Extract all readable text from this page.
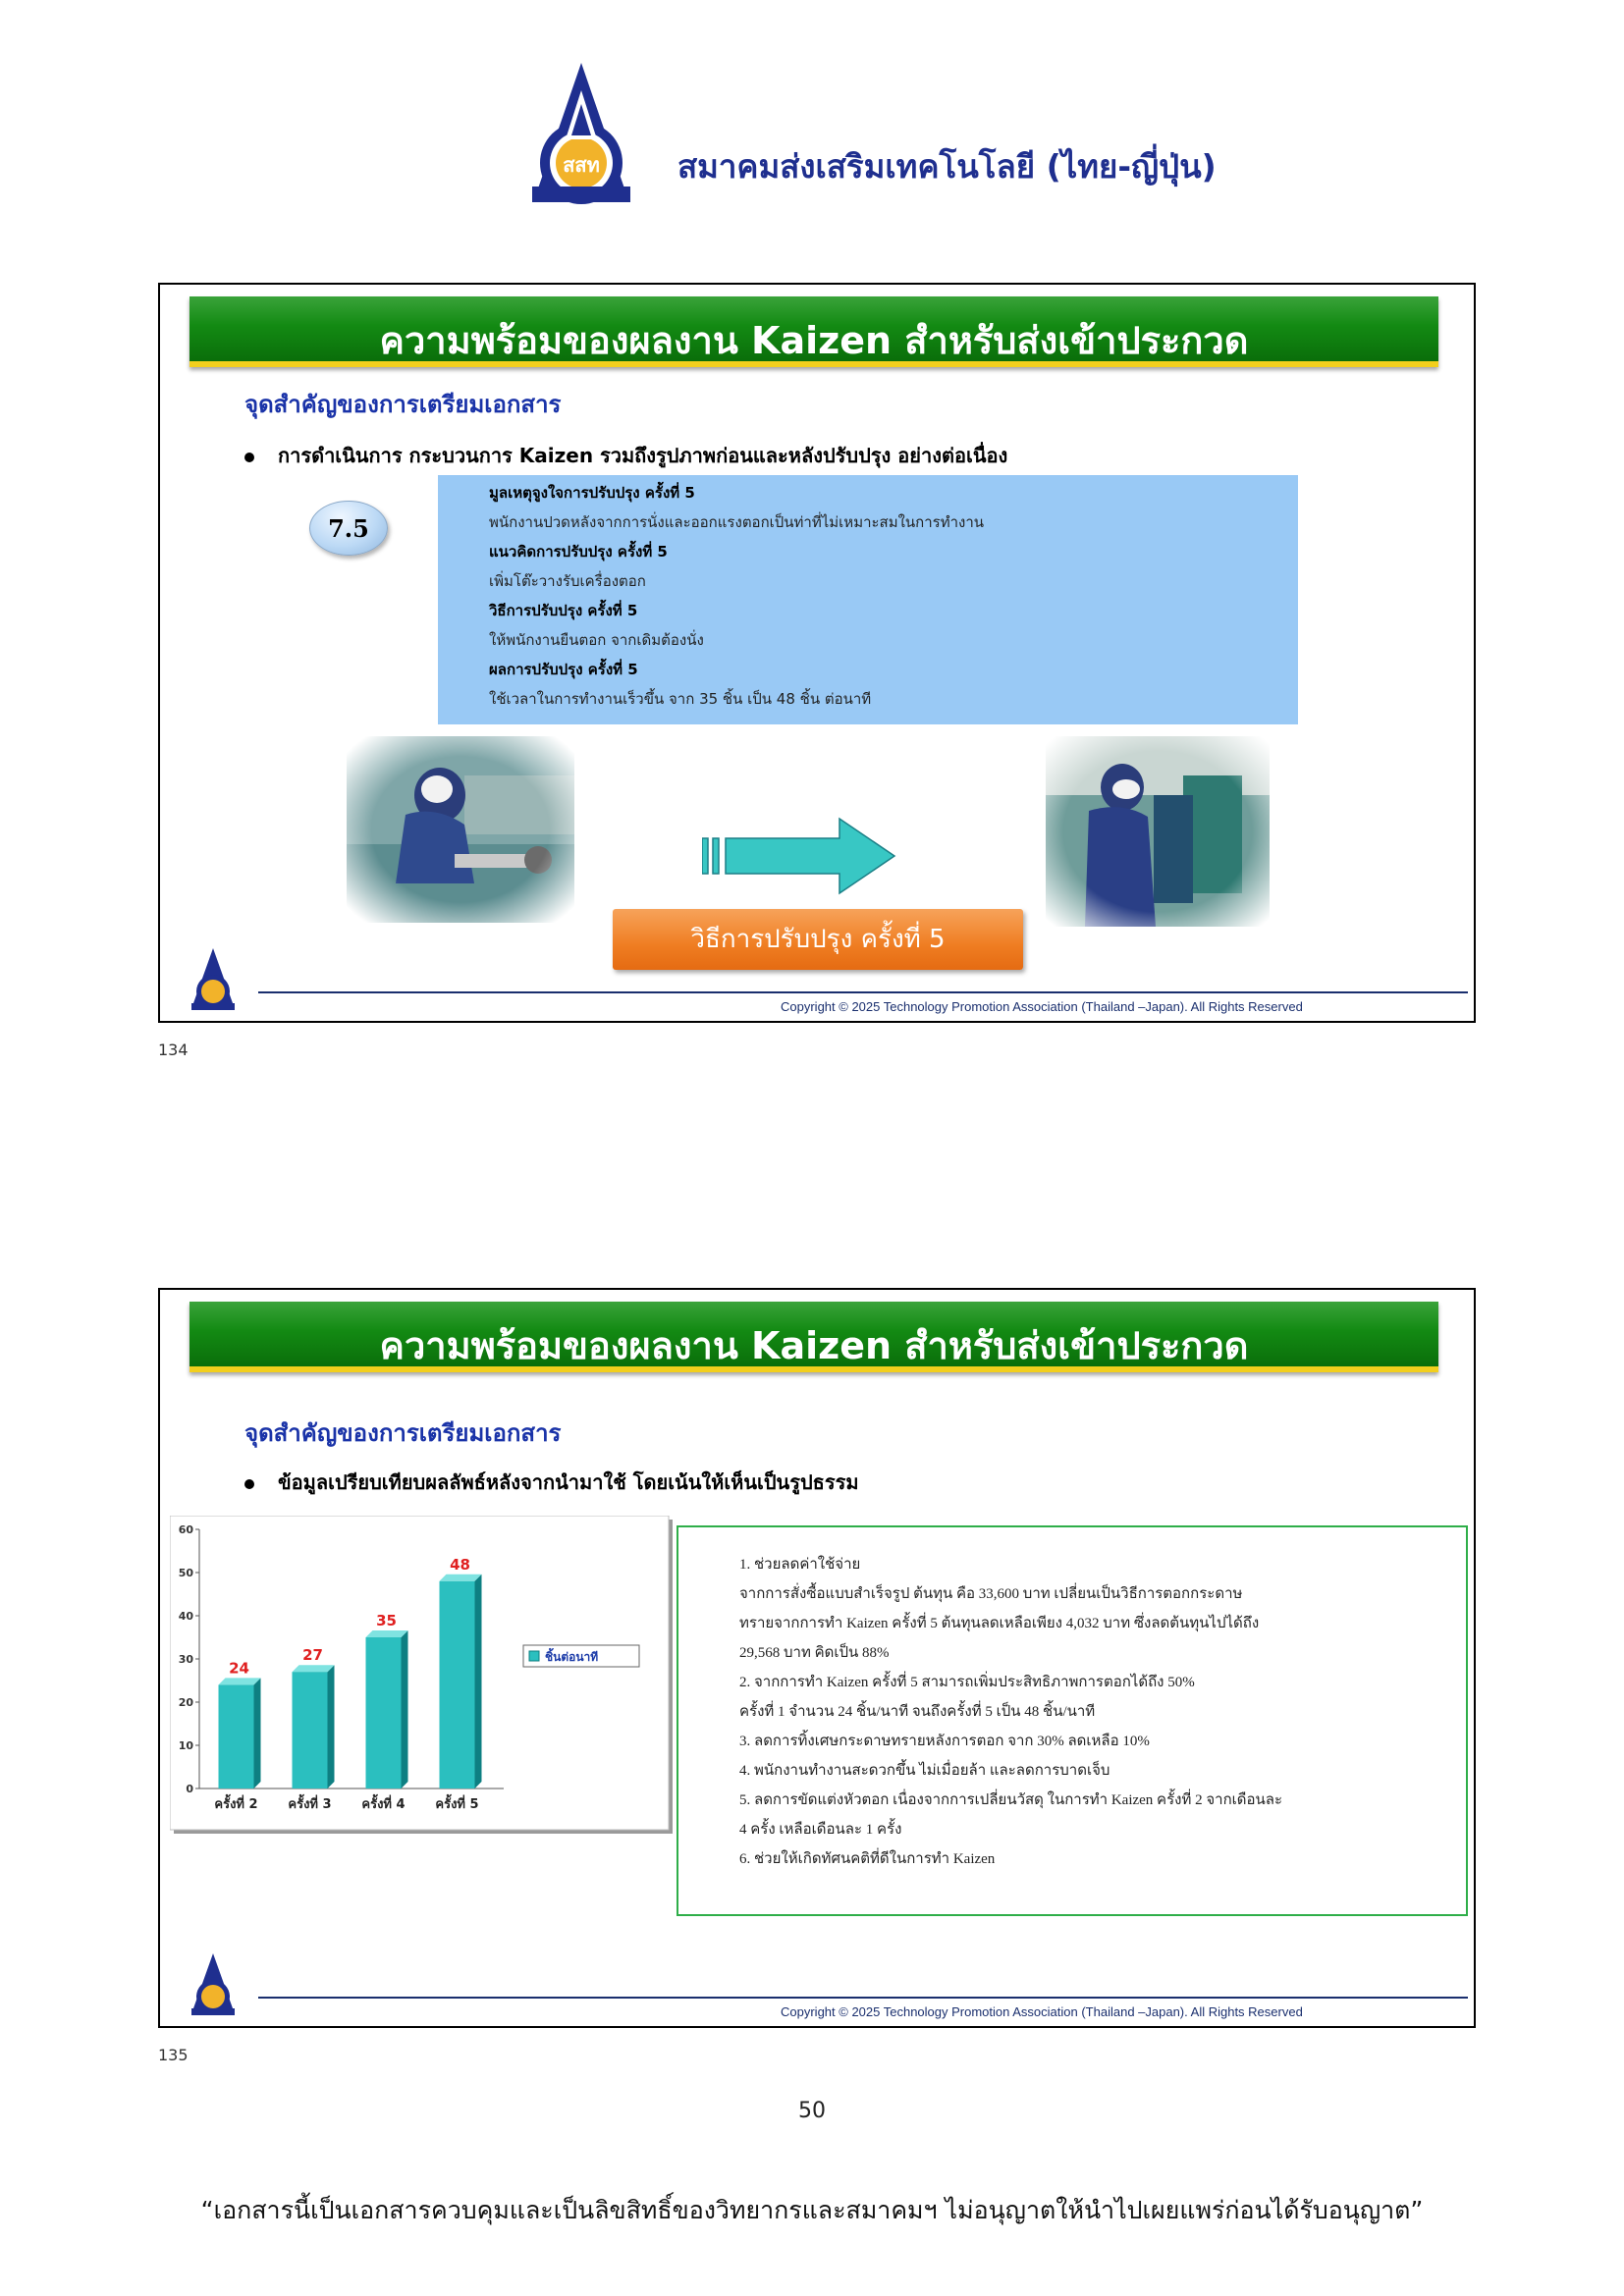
สสท สมาคมส่งเสริมเทคโนโลยี (ไทย-ญี่ปุ่น)
ความพร้อมของผลงาน Kaizen สำหรับส่งเข้าประกวด
จุดสำคัญของการเตรียมเอกสาร
การดำเนินการ กระบวนการ Kaizen รวมถึงรูปภาพก่อนและหลังปรับปรุง อย่างต่อเนื่อง
7.5
มูลเหตุจูงใจการปรับปรุง ครั้งที่ 5
พนักงานปวดหลังจากการนั่งและออกแรงตอกเป็นท่าที่ไม่เหมาะสมในการทำงาน
แนวคิดการปรับปรุง ครั้งที่ 5
เพิ่มโต๊ะวางรับเครื่องตอก
วิธีการปรับปรุง ครั้งที่ 5
ให้พนักงานยืนตอก จากเดิมต้องนั่ง
ผลการปรับปรุง ครั้งที่ 5
ใช้เวลาในการทำงานเร็วขึ้น จาก 35 ชิ้น เป็น 48 ชิ้น ต่อนาที
วิธีการปรับปรุง ครั้งที่ 5
Copyright © 2025 Technology Promotion Association (Thailand –Japan). All Rights Reserved
134
ความพร้อมของผลงาน Kaizen สำหรับส่งเข้าประกวด
จุดสำคัญของการเตรียมเอกสาร
ข้อมูลเปรียบเทียบผลลัพธ์หลังจากนำมาใช้ โดยเน้นให้เห็นเป็นรูปธรรม
0
10
20
30
40
50
60
24
ครั้งที่ 2
27
ครั้งที่ 3
35
ครั้งที่ 4
48
ครั้งที่ 5
ชิ้นต่อนาที
1. ช่วยลดค่าใช้จ่าย
จากการสั่งซื้อแบบสำเร็จรูป ต้นทุน คือ 33,600 บาท เปลี่ยนเป็นวิธีการตอกกระดาษ
ทรายจากการทำ Kaizen ครั้งที่ 5 ต้นทุนลดเหลือเพียง 4,032 บาท ซึ่งลดต้นทุนไปได้ถึง
29,568 บาท คิดเป็น 88%
2. จากการทำ Kaizen ครั้งที่ 5 สามารถเพิ่มประสิทธิภาพการตอกได้ถึง 50%
ครั้งที่ 1 จำนวน 24 ชิ้น/นาที จนถึงครั้งที่ 5 เป็น 48 ชิ้น/นาที
3. ลดการทิ้งเศษกระดาษทรายหลังการตอก จาก 30% ลดเหลือ 10%
4. พนักงานทำงานสะดวกขึ้น ไม่เมื่อยล้า และลดการบาดเจ็บ
5. ลดการขัดแต่งหัวตอก เนื่องจากการเปลี่ยนวัสดุ ในการทำ Kaizen ครั้งที่ 2 จากเดือนละ
4 ครั้ง เหลือเดือนละ 1 ครั้ง
6. ช่วยให้เกิดทัศนคติที่ดีในการทำ Kaizen
Copyright © 2025 Technology Promotion Association (Thailand –Japan). All Rights Reserved
135
50
“เอกสารนี้เป็นเอกสารควบคุมและเป็นลิขสิทธิ์ของวิทยากรและสมาคมฯ ไม่อนุญาตให้นำไปเผยแพร่ก่อนได้รับอนุญาต”
